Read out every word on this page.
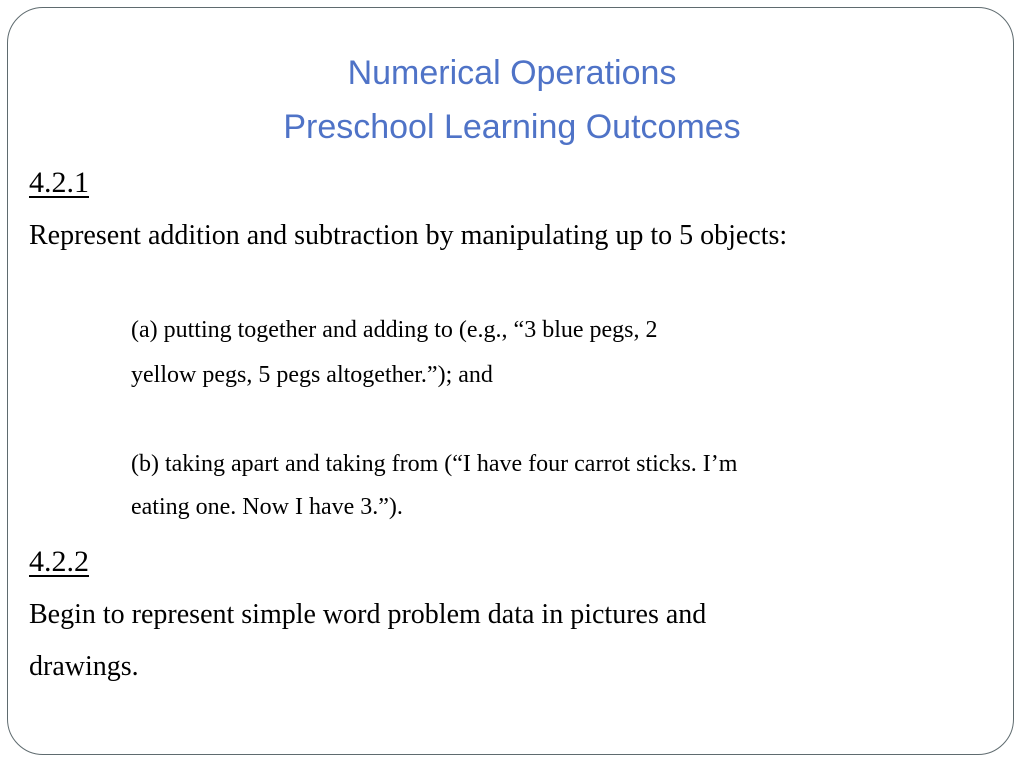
Numerical Operations
Preschool Learning Outcomes
4.2.1
Represent addition and subtraction by manipulating up to 5 objects:
(a) putting together and adding to (e.g., “3 blue pegs, 2
yellow pegs, 5 pegs altogether.”); and
(b) taking apart and taking from (“I have four carrot sticks. I’m
eating one. Now I have 3.”).
4.2.2
Begin to represent simple word problem data in pictures and
drawings.
